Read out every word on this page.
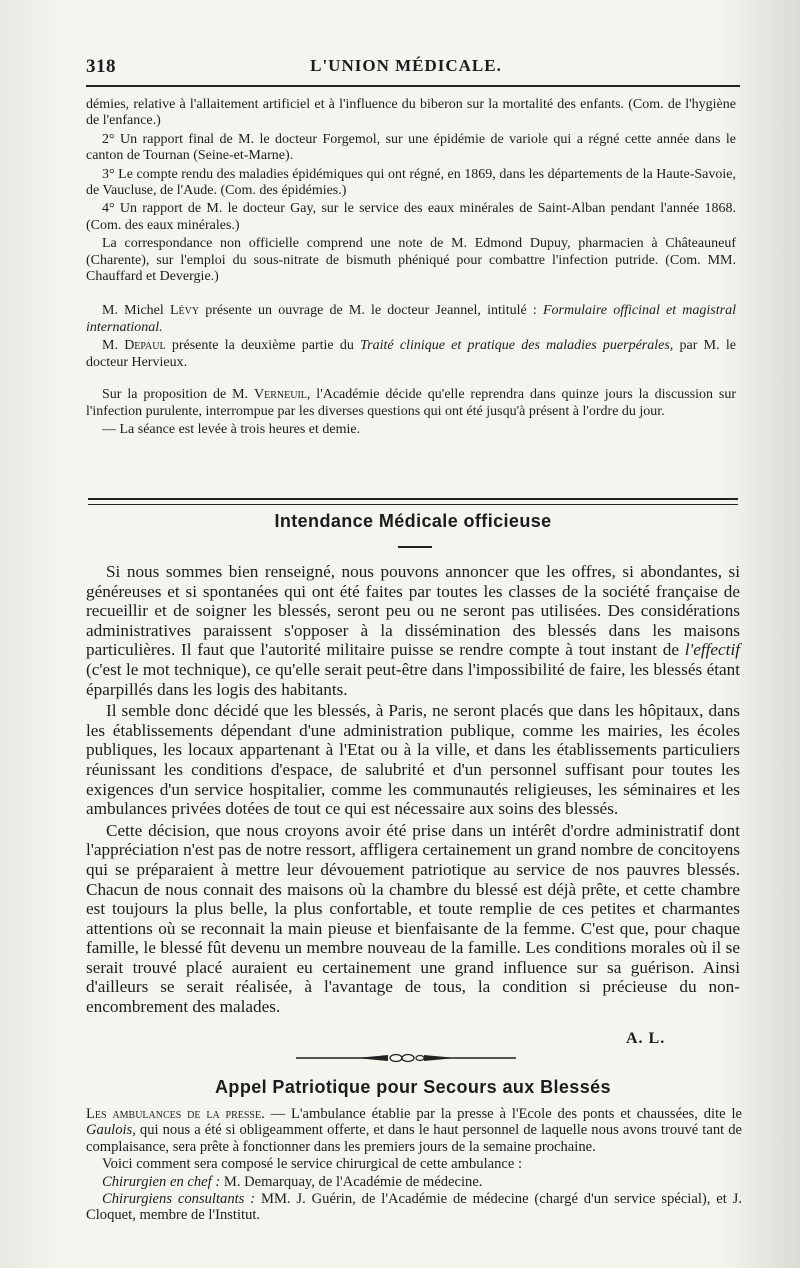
318	L'UNION MÉDICALE.

démies, relative à l'allaitement artificiel et à l'influence du biberon sur la mortalité des enfants. (Com. de l'hygiène de l'enfance.)

2° Un rapport final de M. le docteur Forgemol, sur une épidémie de variole qui a régné cette année dans le canton de Tournan (Seine-et-Marne).

3° Le compte rendu des maladies épidémiques qui ont régné, en 1869, dans les départements de la Haute-Savoie, de Vaucluse, de l'Aude. (Com. des épidémies.)

4° Un rapport de M. le docteur Gay, sur le service des eaux minérales de Saint-Alban pendant l'année 1868. (Com. des eaux minérales.)

La correspondance non officielle comprend une note de M. Edmond Dupuy, pharmacien à Châteauneuf (Charente), sur l'emploi du sous-nitrate de bismuth phéniqué pour combattre l'infection putride. (Com. MM. Chauffard et Devergie.)

M. Michel Lévy présente un ouvrage de M. le docteur Jeannel, intitulé : Formulaire officinal et magistral international.

M. Depaul présente la deuxième partie du Traité clinique et pratique des maladies puerpérales, par M. le docteur Hervieux.

Sur la proposition de M. Verneuil, l'Académie décide qu'elle reprendra dans quinze jours la discussion sur l'infection purulente, interrompue par les diverses questions qui ont été jusqu'à présent à l'ordre du jour.

— La séance est levée à trois heures et demie.

Intendance Médicale officieuse

Si nous sommes bien renseigné, nous pouvons annoncer que les offres, si abondantes, si généreuses et si spontanées qui ont été faites par toutes les classes de la société française de recueillir et de soigner les blessés, seront peu ou ne seront pas utilisées. Des considérations administratives paraissent s'opposer à la dissémination des blessés dans les maisons particulières. Il faut que l'autorité militaire puisse se rendre compte à tout instant de l'effectif (c'est le mot technique), ce qu'elle serait peut-être dans l'impossibilité de faire, les blessés étant éparpillés dans les logis des habitants.

Il semble donc décidé que les blessés, à Paris, ne seront placés que dans les hôpitaux, dans les établissements dépendant d'une administration publique, comme les mairies, les écoles publiques, les locaux appartenant à l'Etat ou à la ville, et dans les établissements particuliers réunissant les conditions d'espace, de salubrité et d'un personnel suffisant pour toutes les exigences d'un service hospitalier, comme les communautés religieuses, les séminaires et les ambulances privées dotées de tout ce qui est nécessaire aux soins des blessés.

Cette décision, que nous croyons avoir été prise dans un intérêt d'ordre administratif dont l'appréciation n'est pas de notre ressort, affligera certainement un grand nombre de concitoyens qui se préparaient à mettre leur dévouement patriotique au service de nos pauvres blessés. Chacun de nous connait des maisons où la chambre du blessé est déjà prête, et cette chambre est toujours la plus belle, la plus confortable, et toute remplie de ces petites et charmantes attentions où se reconnait la main pieuse et bienfaisante de la femme. C'est que, pour chaque famille, le blessé fût devenu un membre nouveau de la famille. Les conditions morales où il se serait trouvé placé auraient eu certainement une grand influence sur sa guérison. Ainsi d'ailleurs se serait réalisée, à l'avantage de tous, la condition si précieuse du non-encombrement des malades.

A. L.
Appel Patriotique pour Secours aux Blessés

Les ambulances de la presse. — L'ambulance établie par la presse à l'Ecole des ponts et chaussées, dite le Gaulois, qui nous a été si obligeamment offerte, et dans le haut personnel de laquelle nous avons trouvé tant de complaisance, sera prête à fonctionner dans les premiers jours de la semaine prochaine.

Voici comment sera composé le service chirurgical de cette ambulance :

Chirurgien en chef : M. Demarquay, de l'Académie de médecine.

Chirurgiens consultants : MM. J. Guérin, de l'Académie de médecine (chargé d'un service spécial), et J. Cloquet, membre de l'Institut.
